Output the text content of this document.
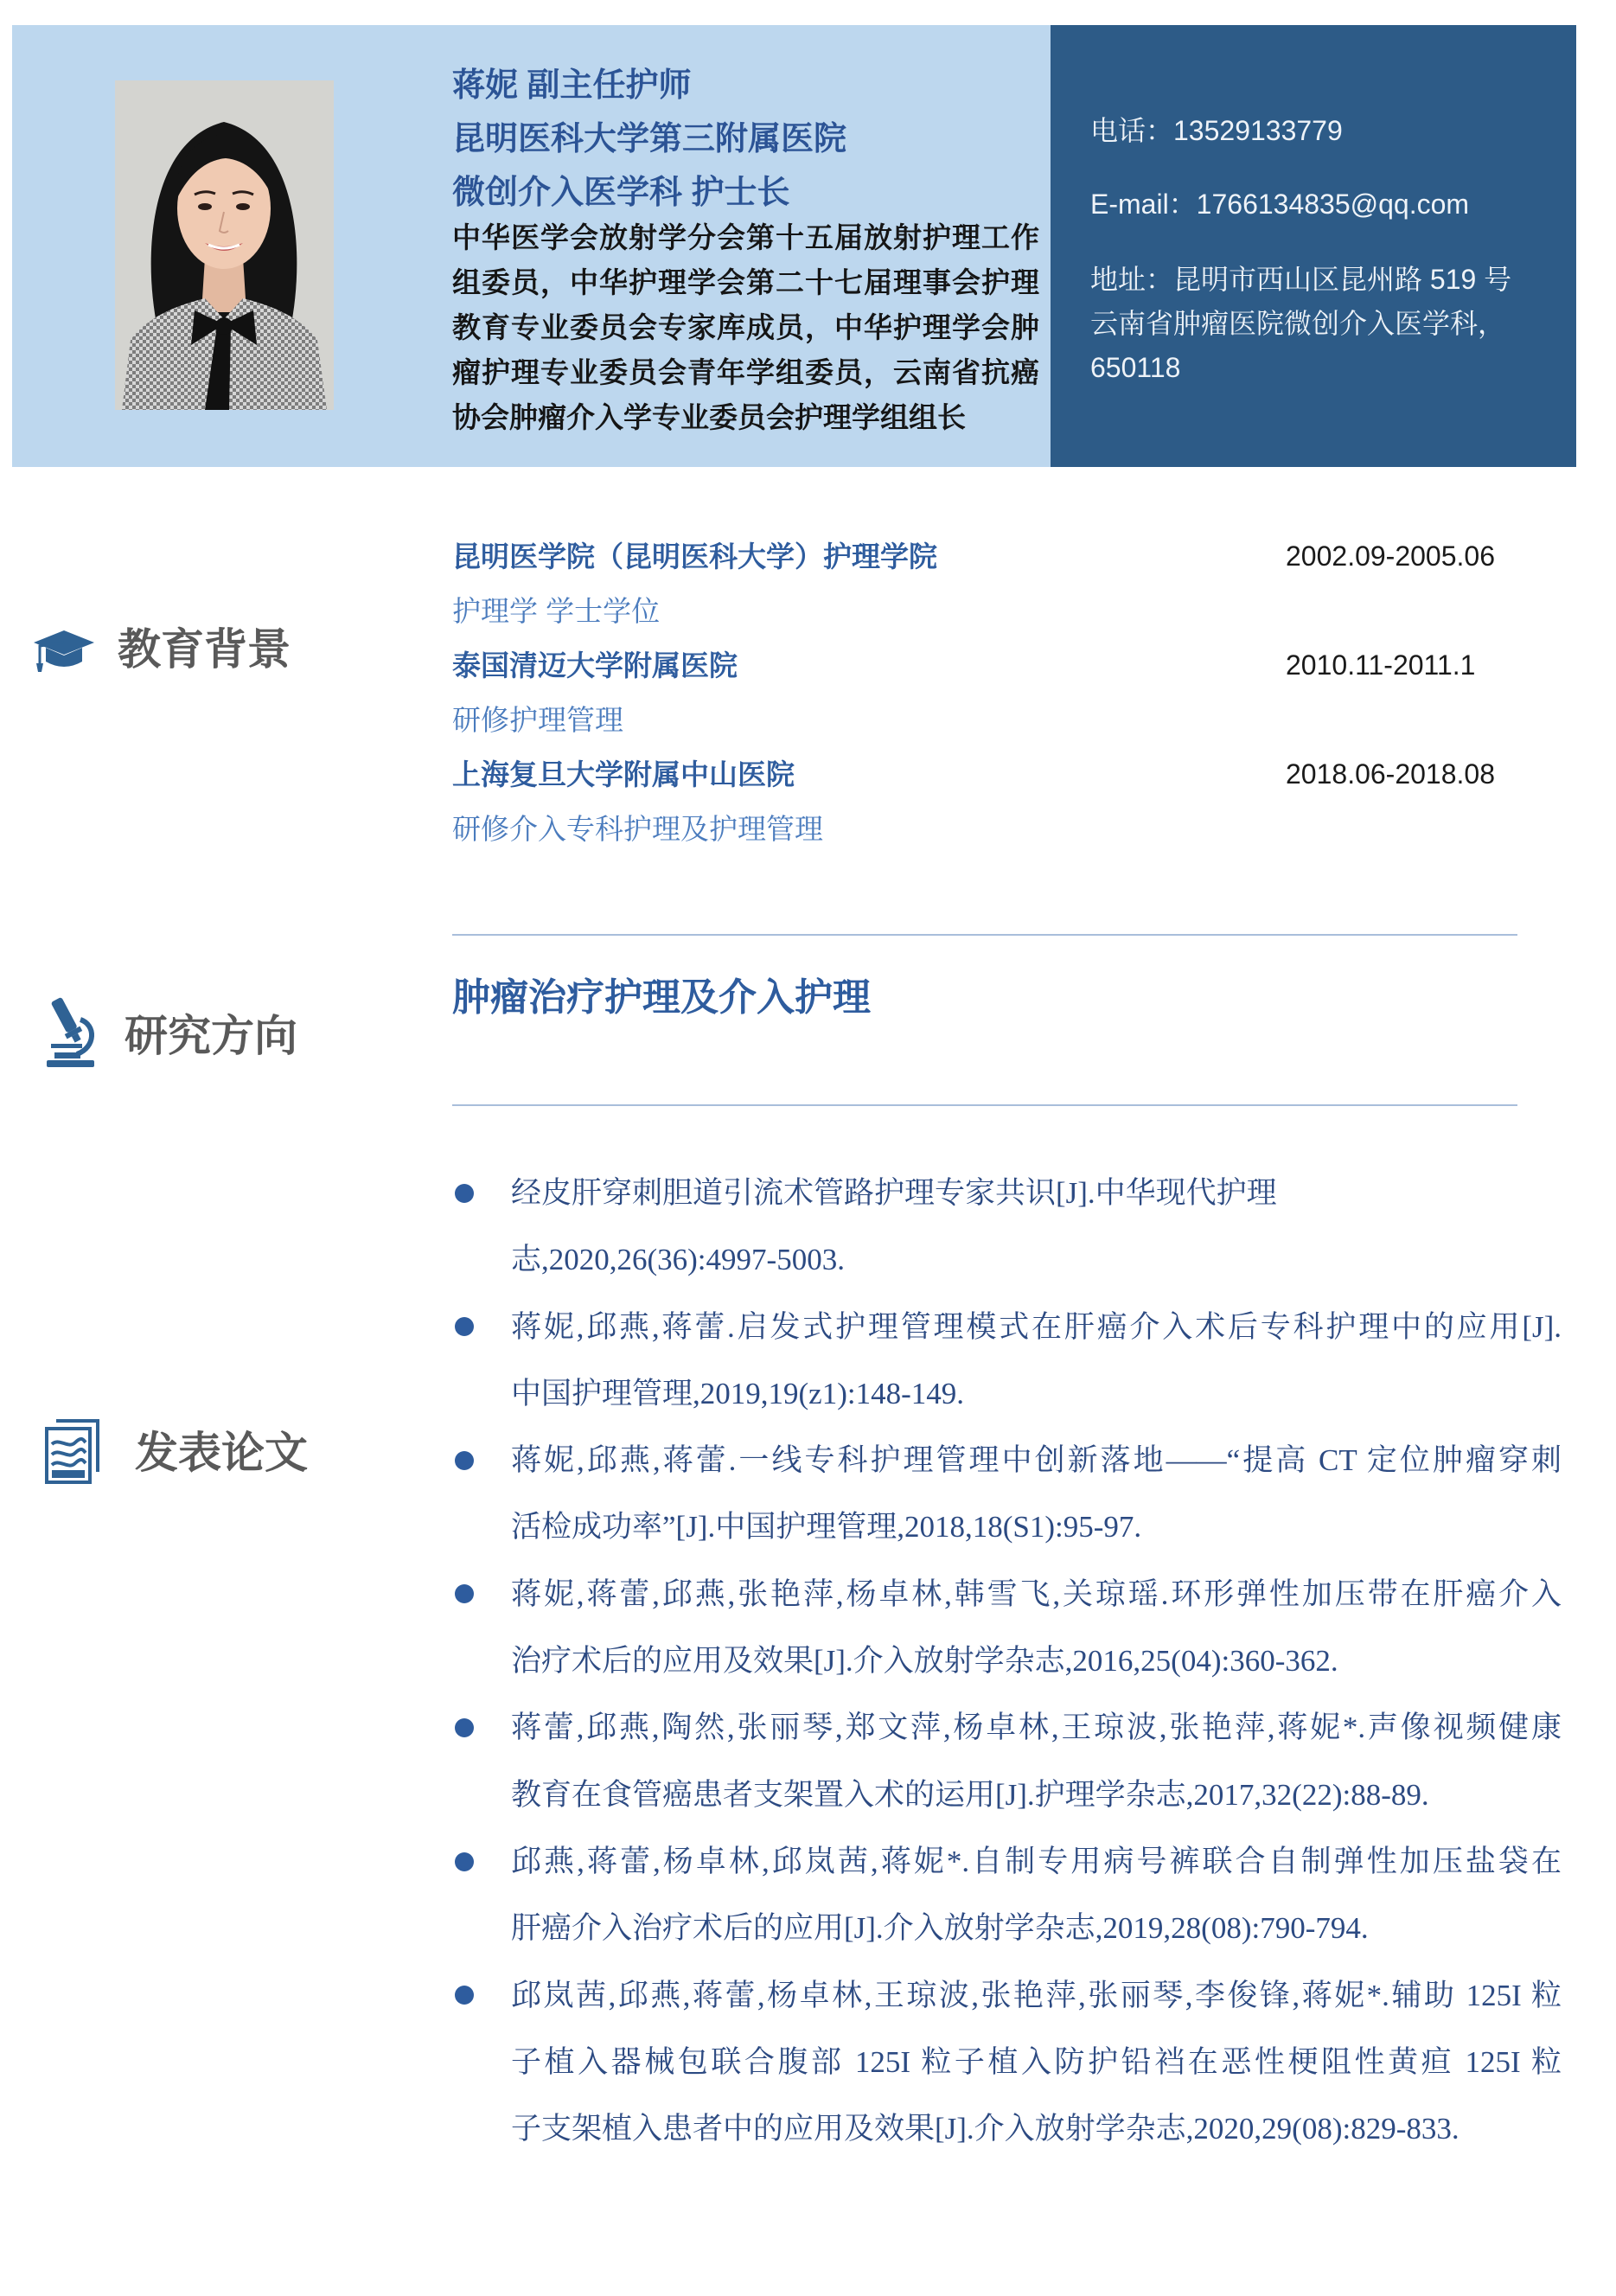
蒋妮 副主任护师
昆明医科大学第三附属医院
微创介入医学科 护士长
中华医学会放射学分会第十五届放射护理工作
组委员，中华护理学会第二十七届理事会护理
教育专业委员会专家库成员，中华护理学会肿
瘤护理专业委员会青年学组委员，云南省抗癌
协会肿瘤介入学专业委员会护理学组组长
电话：13529133779
E-mail：1766134835@qq.com
地址：昆明市西山区昆州路 519 号
云南省肿瘤医院微创介入医学科，
650118
教育背景
昆明医学院（昆明医科大学）护理学院	2002.09-2005.06
护理学 学士学位
泰国清迈大学附属医院	2010.11-2011.1
研修护理管理
上海复旦大学附属中山医院	2018.06-2018.08
研修介入专科护理及护理管理
研究方向
肿瘤治疗护理及介入护理
发表论文
经皮肝穿刺胆道引流术管路护理专家共识[J].中华现代护理
志,2020,26(36):4997-5003.
蒋妮,邱燕,蒋蕾.启发式护理管理模式在肝癌介入术后专科护理中的应用[J].
中国护理管理,2019,19(z1):148-149.
蒋妮,邱燕,蒋蕾.一线专科护理管理中创新落地——“提高 CT 定位肿瘤穿刺
活检成功率”[J].中国护理管理,2018,18(S1):95-97.
蒋妮,蒋蕾,邱燕,张艳萍,杨卓林,韩雪飞,关琼瑶.环形弹性加压带在肝癌介入
治疗术后的应用及效果[J].介入放射学杂志,2016,25(04):360-362.
蒋蕾,邱燕,陶然,张丽琴,郑文萍,杨卓林,王琼波,张艳萍,蒋妮*.声像视频健康
教育在食管癌患者支架置入术的运用[J].护理学杂志,2017,32(22):88-89.
邱燕,蒋蕾,杨卓林,邱岚茜,蒋妮*.自制专用病号裤联合自制弹性加压盐袋在
肝癌介入治疗术后的应用[J].介入放射学杂志,2019,28(08):790-794.
邱岚茜,邱燕,蒋蕾,杨卓林,王琼波,张艳萍,张丽琴,李俊锋,蒋妮*.辅助 125I 粒
子植入器械包联合腹部 125I 粒子植入防护铅裆在恶性梗阻性黄疸 125I 粒
子支架植入患者中的应用及效果[J].介入放射学杂志,2020,29(08):829-833.
